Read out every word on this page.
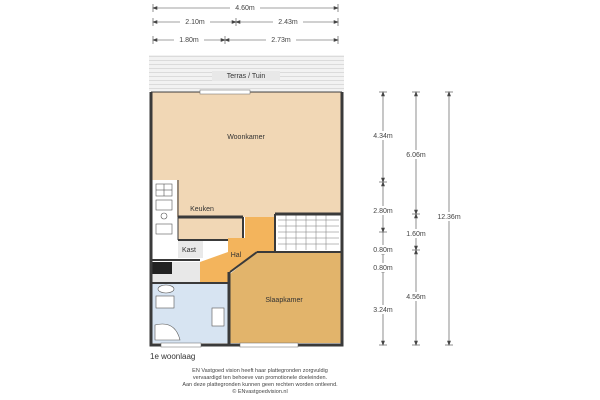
4.60m
2.10m	2.43m
1.80m	2.73m
Terras / Tuin
Woonkamer
Keuken
Kast
Hal
Slaapkamer
4.34m
2.80m
0.80m
0.80m
3.24m
6.06m
1.60m
4.56m
12.36m
1e woonlaag
EN Vastgoed vision heeft haar plattegronden zorgvuldig
vervaardigd ten behoeve van promotionele doeleinden.
Aan deze plattegronden kunnen geen rechten worden ontleend.
© ENvastgoedvision.nl
